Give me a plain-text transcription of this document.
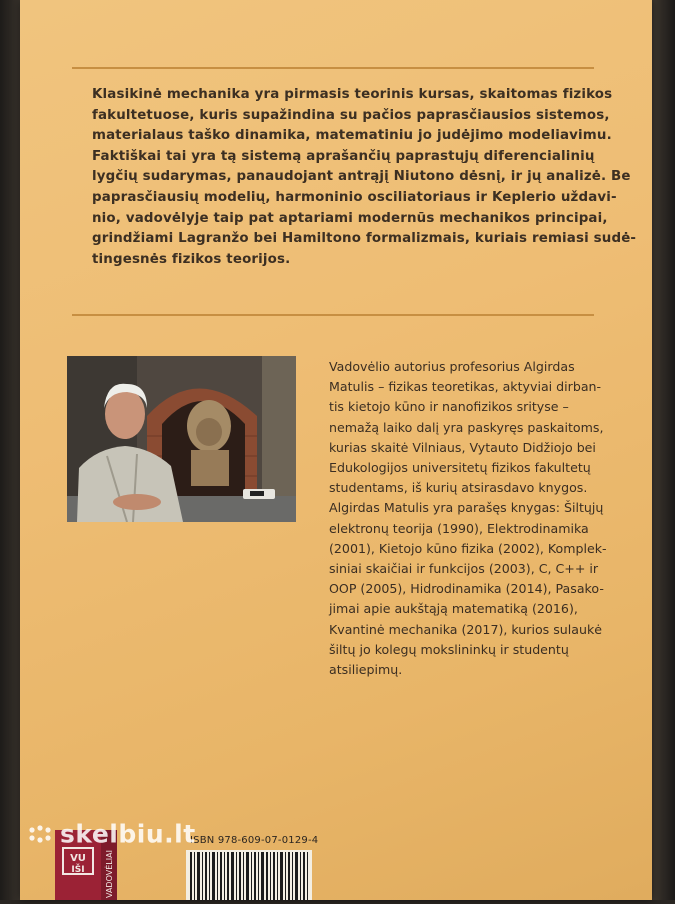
Klasikinė mechanika yra pirmasis teorinis kursas, skaitomas fizikos
fakultetuose, kuris supažindina su pačios paprasčiausios sistemos,
materialaus taško dinamika, matematiniu jo judėjimo modeliavimu.
Faktiškai tai yra tą sistemą aprašančių paprastųjų diferencialinių
lygčių sudarymas, panaudojant antrąjį Niutono dėsnį, ir jų analizė. Be
paprasčiausių modelių, harmoninio osciliatoriaus ir Keplerio uždavi-
nio, vadovėlyje taip pat aptariami modernūs mechanikos principai,
grindžiami Lagranžo bei Hamiltono formalizmais, kuriais remiasi sudė-
tingesnės fizikos teorijos.
Vadovėlio autorius profesorius Algirdas
Matulis – fizikas teoretikas, aktyviai dirban-
tis kietojo kūno ir nanofizikos srityse –
nemažą laiko dalį yra paskyręs paskaitoms,
kurias skaitė Vilniaus, Vytauto Didžiojo bei
Edukologijos universitetų fizikos fakultetų
studentams, iš kurių atsirasdavo knygos.
Algirdas Matulis yra parašęs knygas: Šiltųjų
elektronų teorija (1990), Elektrodinamika
(2001), Kietojo kūno fizika (2002), Komplek-
siniai skaičiai ir funkcijos (2003), C, C++ ir
OOP (2005), Hidrodinamika (2014), Pasako-
jimai apie aukštąją matematiką (2016),
Kvantinė mechanika (2017), kurios sulaukė
šiltų jo kolegų mokslininkų ir studentų
atsiliepimų.
VU
IŠI	VADOVĖLIAI
ISBN 978-609-07-0129-4
skelbiu.lt
